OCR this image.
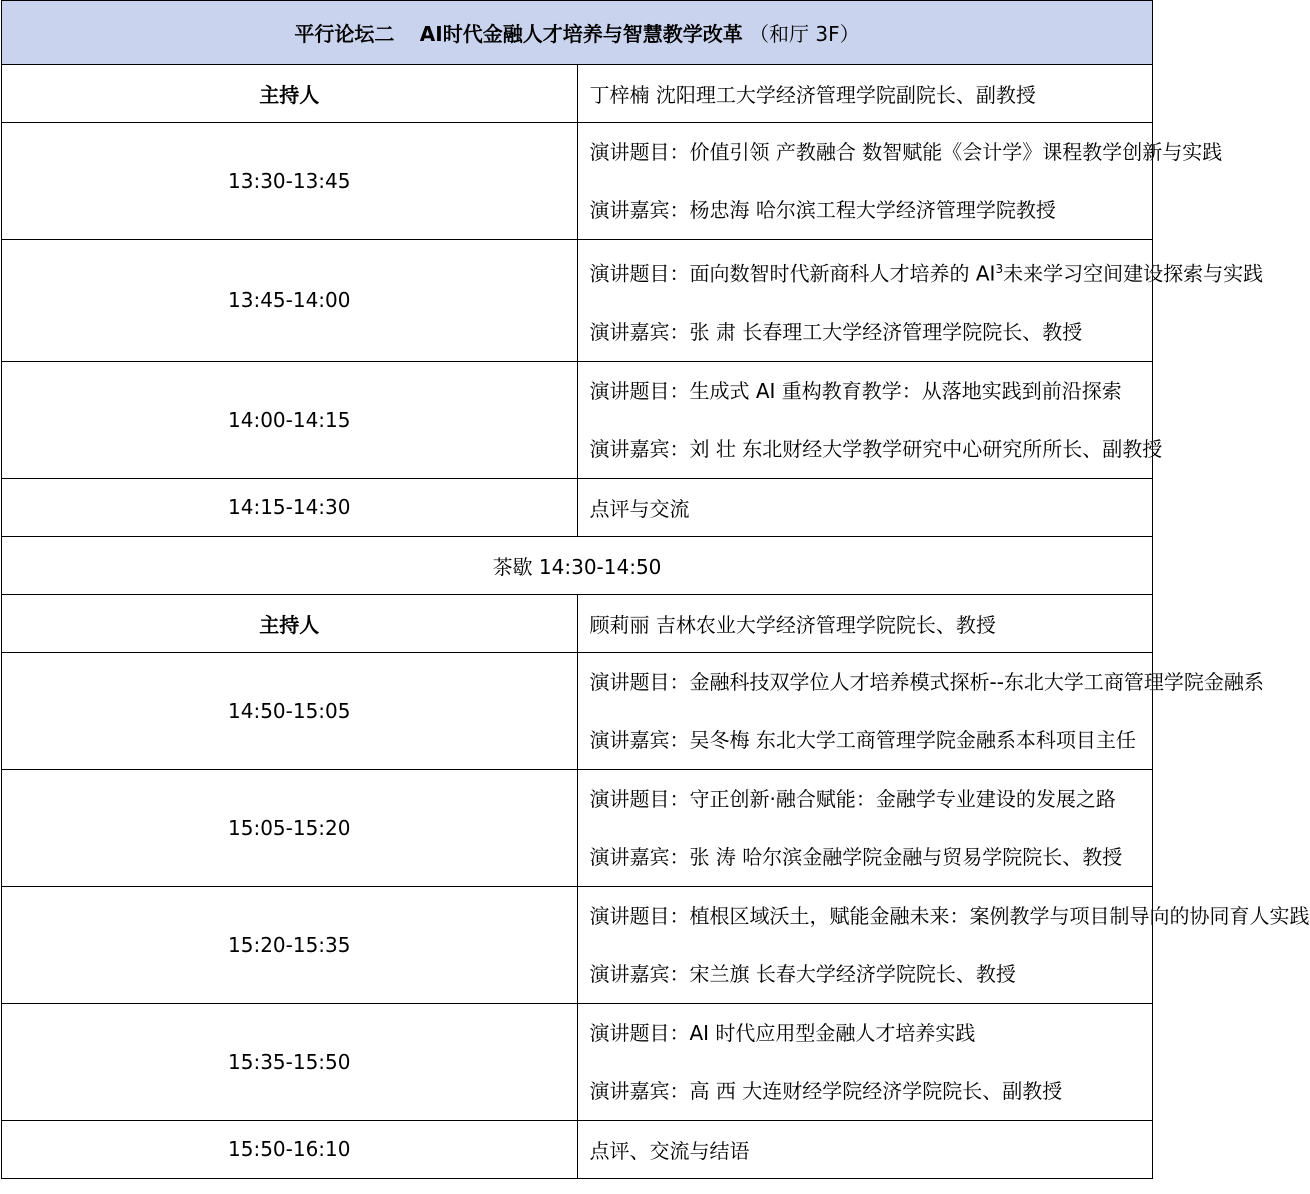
平行论坛二 AI时代金融人才培养与智慧教学改革 （和厅 3F）	
主持人	丁梓楠 沈阳理工大学经济管理学院副院长、副教授
13:30-13:45	演讲题目：价值引领 产教融合 数智赋能《会计学》课程教学创新与实践
演讲嘉宾：杨忠海 哈尔滨工程大学经济管理学院教授

13:45-14:00	演讲题目：面向数智时代新商科人才培养的 $AI^3$未来学习空间建设探索与实践
演讲嘉宾：张 肃 长春理工大学经济管理学院院长、教授

14:00-14:15	演讲题目：生成式 AI 重构教育教学：从落地实践到前沿探索
演讲嘉宾：刘 壮 东北财经大学教学研究中心研究所所长、副教授

14:15-14:30	点评与交流
茶歇 14:30-14:50	
主持人	顾莉丽 吉林农业大学经济管理学院院长、教授
14:50-15:05	演讲题目：金融科技双学位人才培养模式探析--东北大学工商管理学院金融系
演讲嘉宾：吴冬梅 东北大学工商管理学院金融系本科项目主任

15:05-15:20	演讲题目：守正创新·融合赋能：金融学专业建设的发展之路
演讲嘉宾：张 涛 哈尔滨金融学院金融与贸易学院院长、教授

15:20-15:35	演讲题目：植根区域沃土，赋能金融未来：案例教学与项目制导向的协同育人实践
演讲嘉宾：宋兰旗 长春大学经济学院院长、教授

15:35-15:50	演讲题目：AI 时代应用型金融人才培养实践
演讲嘉宾：高 西 大连财经学院经济学院院长、副教授

15:50-16:10	点评、交流与结语
